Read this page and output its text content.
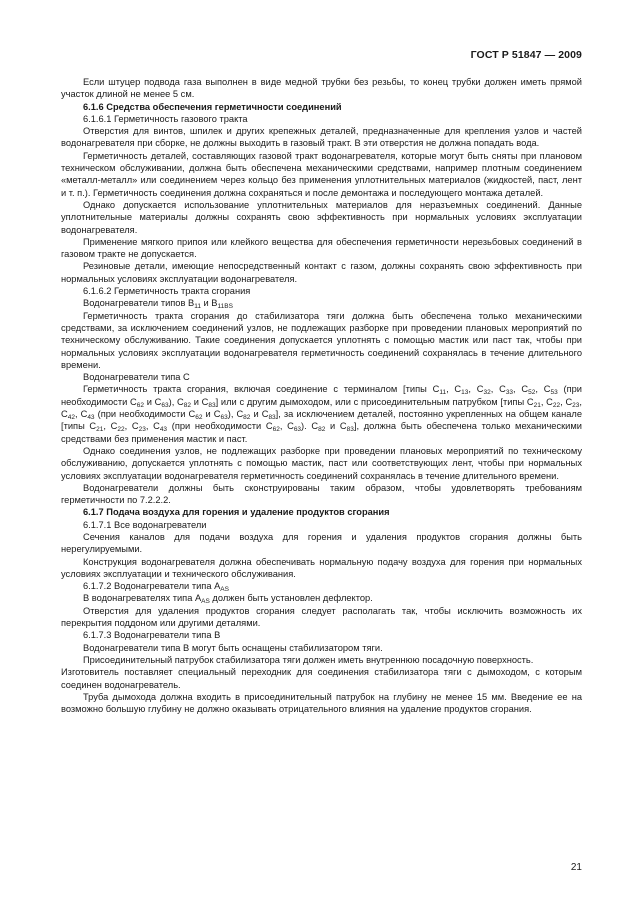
ГОСТ Р 51847 — 2009

Если штуцер подвода газа выполнен в виде медной трубки без резьбы, то конец трубки должен иметь прямой участок длиной не менее 5 см.

6.1.6 Средства обеспечения герметичности соединений

6.1.6.1 Герметичность газового тракта

Отверстия для винтов, шпилек и других крепежных деталей, предназначенные для крепления узлов и частей водонагревателя при сборке, не должны выходить в газовый тракт. В эти отверстия не должна попадать вода.

Герметичность деталей, составляющих газовой тракт водонагревателя, которые могут быть сняты при плановом техническом обслуживании, должна быть обеспечена механическими средствами, например плотным соединением «металл-металл» или соединением через кольцо без применения уплотнительных материалов (жидкостей, паст, лент и т. п.). Герметичность соединения должна сохраняться и после демонтажа и последующего монтажа деталей.

Однако допускается использование уплотнительных материалов для неразъемных соединений. Данные уплотнительные материалы должны сохранять свою эффективность при нормальных условиях эксплуатации водонагревателя.

Применение мягкого припоя или клейкого вещества для обеспечения герметичности нерезьбовых соединений в газовом тракте не допускается.

Резиновые детали, имеющие непосредственный контакт с газом, должны сохранять свою эффективность при нормальных условиях эксплуатации водонагревателя.

6.1.6.2 Герметичность тракта сгорания

Водонагреватели типов $В_{11}$ и $В_{11BS}$

Герметичность тракта сгорания до стабилизатора тяги должна быть обеспечена только механическими средствами, за исключением соединений узлов, не подлежащих разборке при проведении плановых мероприятий по техническому обслуживанию. Такие соединения допускается уплотнять с помощью мастик или паст так, чтобы при нормальных условиях эксплуатации водонагревателя герметичность соединений сохранялась в течение длительного времени.

Водонагреватели типа С

Герметичность тракта сгорания, включая соединение с терминалом [типы $С_{11}$, $С_{13}$, $С_{32}$, $С_{33}$, $С_{52}$, $С_{53}$ (при необходимости $С_{62}$ и $С_{63}$), $С_{82}$ и $С_{83}$] или с другим дымоходом, или с присоединительным патрубком [типы $С_{21}$, $С_{22}$, $С_{23}$, $С_{42}$, $С_{43}$ (при необходимости $С_{62}$ и $С_{63}$), $С_{82}$ и $С_{83}$], за исключением деталей, постоянно укрепленных на общем канале [типы $С_{21}$, $С_{22}$, $С_{23}$, $С_{43}$ (при необходимости $С_{62}$, $С_{63}$). $С_{82}$ и $С_{83}$], должна быть обеспечена только механическими средствами без применения мастик и паст.

Однако соединения узлов, не подлежащих разборке при проведении плановых мероприятий по техническому обслуживанию, допускается уплотнять с помощью мастик, паст или соответствующих лент, чтобы при нормальных условиях эксплуатации водонагревателя герметичность соединений сохранялась в течение длительного времени.

Водонагреватели должны быть сконструированы таким образом, чтобы удовлетворять требованиям герметичности по 7.2.2.2.

6.1.7 Подача воздуха для горения и удаление продуктов сгорания

6.1.7.1 Все водонагреватели

Сечения каналов для подачи воздуха для горения и удаления продуктов сгорания должны быть нерегулируемыми.

Конструкция водонагревателя должна обеспечивать нормальную подачу воздуха для горения при нормальных условиях эксплуатации и технического обслуживания.

6.1.7.2 Водонагреватели типа $А_{AS}$

В водонагревателях типа $А_{AS}$ должен быть установлен дефлектор.

Отверстия для удаления продуктов сгорания следует располагать так, чтобы исключить возможность их перекрытия поддоном или другими деталями.

6.1.7.3 Водонагреватели типа В

Водонагреватели типа В могут быть оснащены стабилизатором тяги.

Присоединительный патрубок стабилизатора тяги должен иметь внутреннюю посадочную поверхность.

Изготовитель поставляет специальный переходник для соединения стабилизатора тяги с дымоходом, с которым соединен водонагреватель.

Труба дымохода должна входить в присоединительный патрубок на глубину не менее 15 мм. Введение ее на возможно большую глубину не должно оказывать отрицательного влияния на удаление продуктов сгорания.

21
